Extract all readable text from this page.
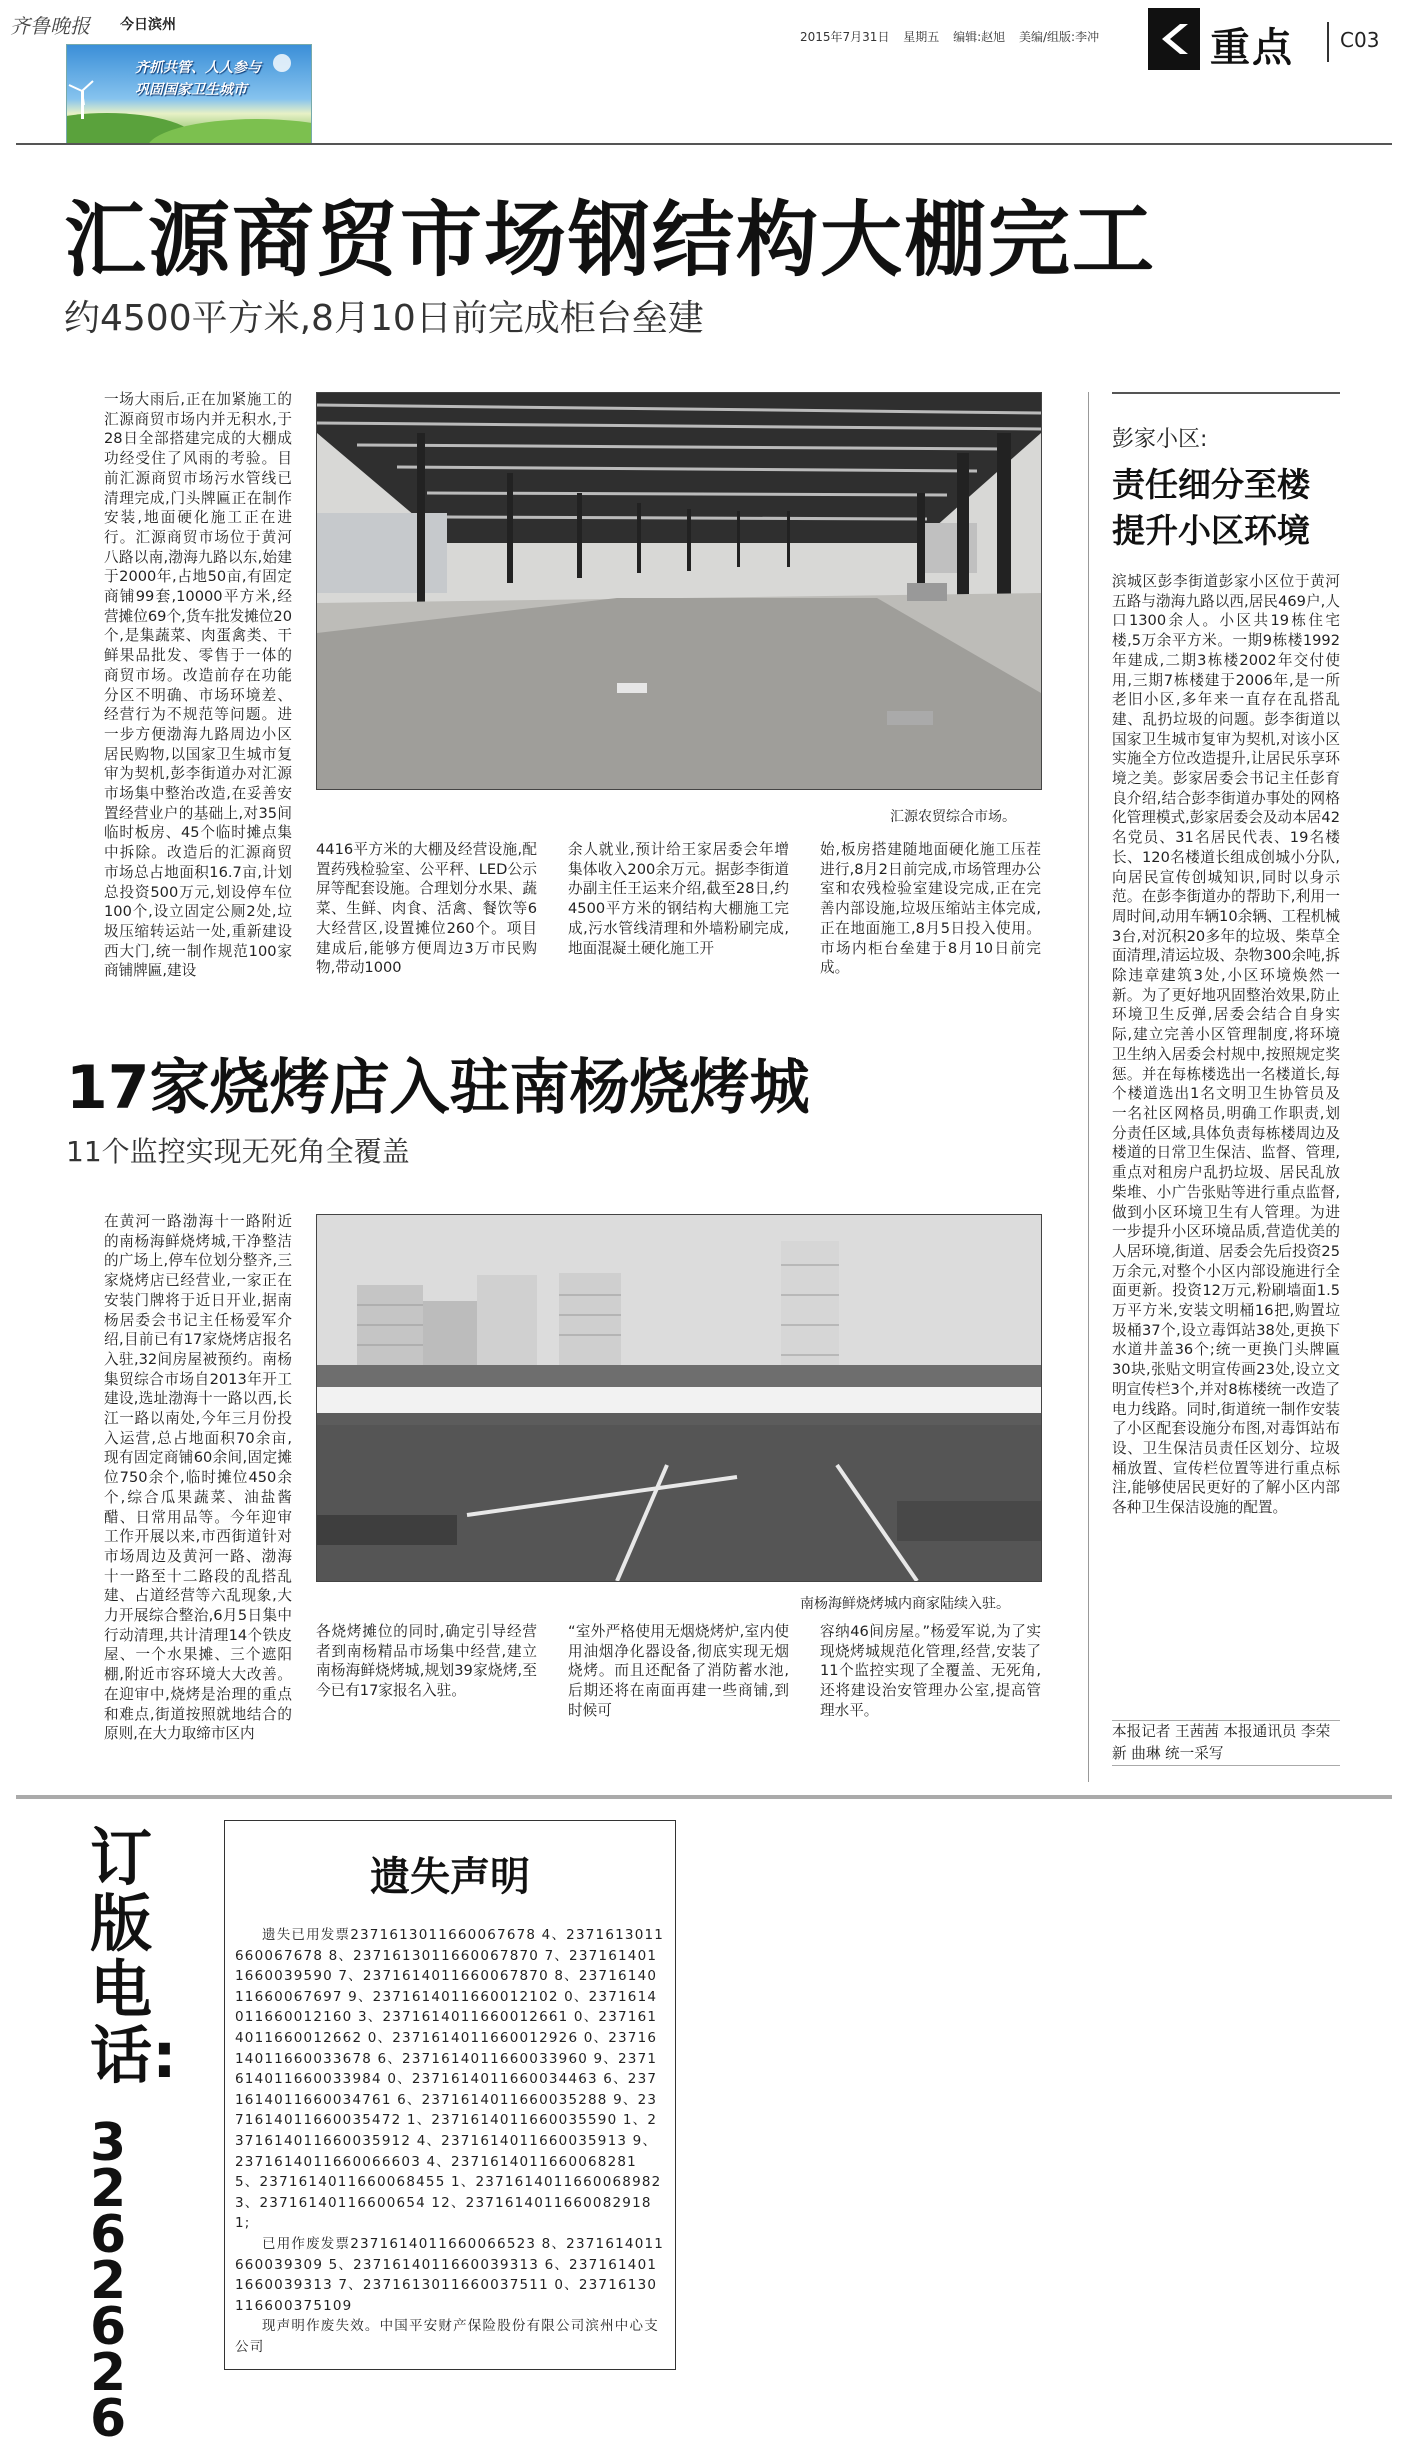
齐鲁晚报 今日滨州
2015年7月31日 星期五 编辑:赵旭 美编/组版:李冲
齐抓共管、人人参与
巩固国家卫生城市
重点 C03
汇源商贸市场钢结构大棚完工
约4500平方米,8月10日前完成柜台垒建
一场大雨后,正在加紧施工的汇源商贸市场内并无积水,于28日全部搭建完成的大棚成功经受住了风雨的考验。目前汇源商贸市场污水管线已清理完成,门头牌匾正在制作安装,地面硬化施工正在进行。汇源商贸市场位于黄河八路以南,渤海九路以东,始建于2000年,占地50亩,有固定商铺99套,10000平方米,经营摊位69个,货车批发摊位20个,是集蔬菜、肉蛋禽类、干鲜果品批发、零售于一体的商贸市场。改造前存在功能分区不明确、市场环境差、经营行为不规范等问题。进一步方便渤海九路周边小区居民购物,以国家卫生城市复审为契机,彭李街道办对汇源市场集中整治改造,在妥善安置经营业户的基础上,对35间临时板房、45个临时摊点集中拆除。改造后的汇源商贸市场总占地面积16.7亩,计划总投资500万元,划设停车位100个,设立固定公厕2处,垃圾压缩转运站一处,重新建设西大门,统一制作规范100家商铺牌匾,建设
汇源农贸综合市场。
4416平方米的大棚及经营设施,配置药残检验室、公平秤、LED公示屏等配套设施。合理划分水果、蔬菜、生鲜、肉食、活禽、餐饮等6大经营区,设置摊位260个。项目建成后,能够方便周边3万市民购物,带动1000
余人就业,预计给王家居委会年增集体收入200余万元。据彭李街道办副主任王运来介绍,截至28日,约4500平方米的钢结构大棚施工完成,污水管线清理和外墙粉刷完成,地面混凝土硬化施工开
始,板房搭建随地面硬化施工压茬进行,8月2日前完成,市场管理办公室和农残检验室建设完成,正在完善内部设施,垃圾压缩站主体完成,正在地面施工,8月5日投入使用。市场内柜台垒建于8月10日前完成。
彭家小区:
责任细分至楼
提升小区环境
滨城区彭李街道彭家小区位于黄河五路与渤海九路以西,居民469户,人口1300余人。小区共19栋住宅楼,5万余平方米。一期9栋楼1992年建成,二期3栋楼2002年交付使用,三期7栋楼建于2006年,是一所老旧小区,多年来一直存在乱搭乱建、乱扔垃圾的问题。彭李街道以国家卫生城市复审为契机,对该小区实施全方位改造提升,让居民乐享环境之美。彭家居委会书记主任彭育良介绍,结合彭李街道办事处的网格化管理模式,彭家居委会及动本居42名党员、31名居民代表、19名楼长、120名楼道长组成创城小分队,向居民宣传创城知识,同时以身示范。在彭李街道办的帮助下,利用一周时间,动用车辆10余辆、工程机械3台,对沉积20多年的垃圾、柴草全面清理,清运垃圾、杂物300余吨,拆除违章建筑3处,小区环境焕然一新。为了更好地巩固整治效果,防止环境卫生反弹,居委会结合自身实际,建立完善小区管理制度,将环境卫生纳入居委会村规中,按照规定奖惩。并在每栋楼选出一名楼道长,每个楼道选出1名文明卫生协管员及一名社区网格员,明确工作职责,划分责任区域,具体负责每栋楼周边及楼道的日常卫生保洁、监督、管理,重点对租房户乱扔垃圾、居民乱放柴堆、小广告张贴等进行重点监督,做到小区环境卫生有人管理。为进一步提升小区环境品质,营造优美的人居环境,街道、居委会先后投资25万余元,对整个小区内部设施进行全面更新。投资12万元,粉刷墙面1.5万平方米,安装文明桶16把,购置垃圾桶37个,设立毒饵站38处,更换下水道井盖36个;统一更换门头牌匾30块,张贴文明宣传画23处,设立文明宣传栏3个,并对8栋楼统一改造了电力线路。同时,街道统一制作安装了小区配套设施分布图,对毒饵站布设、卫生保洁员责任区划分、垃圾桶放置、宣传栏位置等进行重点标注,能够使居民更好的了解小区内部各种卫生保洁设施的配置。
本报记者 王茜茜 本报通讯员 李荣新 曲琳 统一采写
17家烧烤店入驻南杨烧烤城
11个监控实现无死角全覆盖
在黄河一路渤海十一路附近的南杨海鲜烧烤城,干净整洁的广场上,停车位划分整齐,三家烧烤店已经营业,一家正在安装门牌将于近日开业,据南杨居委会书记主任杨爱军介绍,目前已有17家烧烤店报名入驻,32间房屋被预约。南杨集贸综合市场自2013年开工建设,选址渤海十一路以西,长江一路以南处,今年三月份投入运营,总占地面积70余亩,现有固定商铺60余间,固定摊位750余个,临时摊位450余个,综合瓜果蔬菜、油盐酱醋、日常用品等。今年迎审工作开展以来,市西街道针对市场周边及黄河一路、渤海十一路至十二路段的乱搭乱建、占道经营等六乱现象,大力开展综合整治,6月5日集中行动清理,共计清理14个铁皮屋、一个水果摊、三个遮阳棚,附近市容环境大大改善。在迎审中,烧烤是治理的重点和难点,街道按照就地结合的原则,在大力取缔市区内
南杨海鲜烧烤城内商家陆续入驻。
各烧烤摊位的同时,确定引导经营者到南杨精品市场集中经营,建立南杨海鲜烧烤城,规划39家烧烤,至今已有17家报名入驻。
“室外严格使用无烟烧烤炉,室内使用油烟净化器设备,彻底实现无烟烧烤。而且还配备了消防蓄水池,后期还将在南面再建一些商铺,到时候可
容纳46间房屋。”杨爱军说,为了实现烧烤城规范化管理,经营,安装了11个监控实现了全覆盖、无死角,还将建设治安管理办公室,提高管理水平。
订版电话:
3262626
遗失声明
遗失已用发票2371613011660067678 4、2371613011660067678 8、2371613011660067870 7、2371614011660039590 7、2371614011660067870 8、2371614011660067697 9、2371614011660012102 0、2371614011660012160 3、2371614011660012661 0、2371614011660012662 0、2371614011660012926 0、2371614011660033678 6、2371614011660033960 9、2371614011660033984 0、2371614011660034463 6、2371614011660034761 6、2371614011660035288 9、2371614011660035472 1、2371614011660035590 1、2371614011660035912 4、2371614011660035913 9、2371614011660066603 4、2371614011660068281 5、2371614011660068455 1、2371614011660068982 3、23716140116600654 12、23716140116600829181;
已用作废发票2371614011660066523 8、2371614011660039309 5、2371614011660039313 6、2371614011660039313 7、2371613011660037511 0、23716130116600375109
现声明作废失效。中国平安财产保险股份有限公司滨州中心支公司
